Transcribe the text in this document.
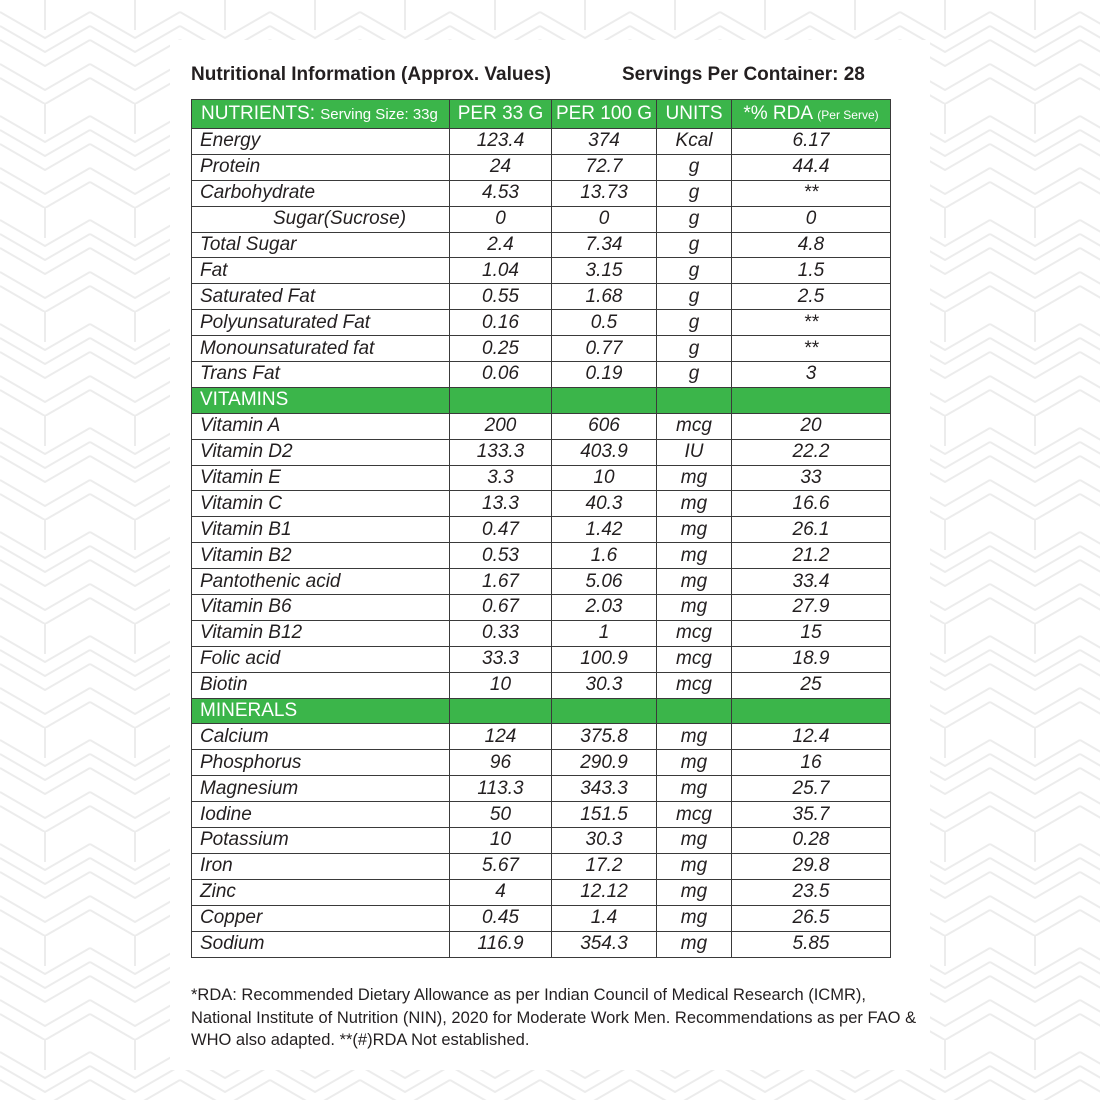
Nutritional Information (Approx. Values)	Servings Per Container: 28
NUTRIENTS: Serving Size: 33g	PER 33 G	PER 100 G	UNITS	*% RDA (Per Serve)
Energy	123.4	374	Kcal	6.17
Protein	24	72.7	g	44.4
Carbohydrate	4.53	13.73	g	**
Sugar(Sucrose)	0	0	g	0
Total Sugar	2.4	7.34	g	4.8
Fat	1.04	3.15	g	1.5
Saturated Fat	0.55	1.68	g	2.5
Polyunsaturated Fat	0.16	0.5	g	**
Monounsaturated fat	0.25	0.77	g	**
Trans Fat	0.06	0.19	g	3
VITAMINS				
Vitamin A	200	606	mcg	20
Vitamin D2	133.3	403.9	IU	22.2
Vitamin E	3.3	10	mg	33
Vitamin C	13.3	40.3	mg	16.6
Vitamin B1	0.47	1.42	mg	26.1
Vitamin B2	0.53	1.6	mg	21.2
Pantothenic acid	1.67	5.06	mg	33.4
Vitamin B6	0.67	2.03	mg	27.9
Vitamin B12	0.33	1	mcg	15
Folic acid	33.3	100.9	mcg	18.9
Biotin	10	30.3	mcg	25
MINERALS				
Calcium	124	375.8	mg	12.4
Phosphorus	96	290.9	mg	16
Magnesium	113.3	343.3	mg	25.7
Iodine	50	151.5	mcg	35.7
Potassium	10	30.3	mg	0.28
Iron	5.67	17.2	mg	29.8
Zinc	4	12.12	mg	23.5
Copper	0.45	1.4	mg	26.5
Sodium	116.9	354.3	mg	5.85
*RDA: Recommended Dietary Allowance as per Indian Council of Medical Research (ICMR), National Institute of Nutrition (NIN), 2020 for Moderate Work Men. Recommendations as per FAO & WHO also adapted. **(#)RDA Not established.
